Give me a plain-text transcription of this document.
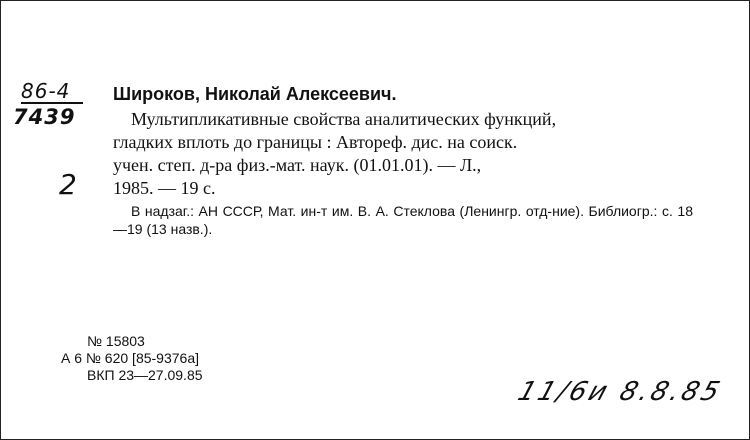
86-4
7439
2
Широков, Николай Алексеевич.
Мультипликативные свойства аналитических функций,
гладких вплоть до границы : Автореф. дис. на соиск.
учен. степ. д-ра физ.-мат. наук. (01.01.01). — Л.,
1985. — 19 с.
В надзаг.: АН СССР, Мат. ин-т им. В. А. Стеклова (Ленингр. отд-ние). Библиогр.: с. 18—19 (13 назв.).
№ 15803
А 6 № 620 [85-9376а]
ВКП 23—27.09.85
11/6и 8.8.85
